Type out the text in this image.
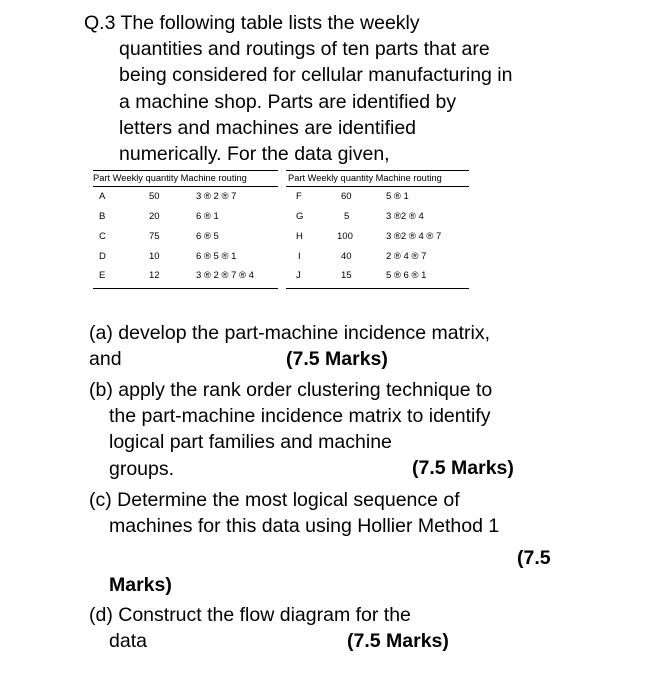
Q.3 The following table lists the weekly
quantities and routings of ten parts that are
being considered for cellular manufacturing in
a machine shop. Parts are identified by
letters and machines are identified
numerically. For the data given,
Part Weekly quantity Machine routing
A	50	3 ® 2 ® 7
B	20	6 ® 1
C	75	6 ® 5
D	10	6 ® 5 ® 1
E	12	3 ® 2 ® 7 ® 4
Part Weekly quantity Machine routing
F	60	5 ® 1
G	5	3 ®2 ® 4
H	100	3 ®2 ® 4 ® 7
I	40	2 ® 4 ® 7
J	15	5 ® 6 ® 1
(a) develop the part-machine incidence matrix,
and	(7.5 Marks)
(b) apply the rank order clustering technique to
the part-machine incidence matrix to identify
logical part families and machine
groups.	(7.5 Marks)
(c) Determine the most logical sequence of
machines for this data using Hollier Method 1
(7.5
Marks)
(d) Construct the flow diagram for the
data	(7.5 Marks)
